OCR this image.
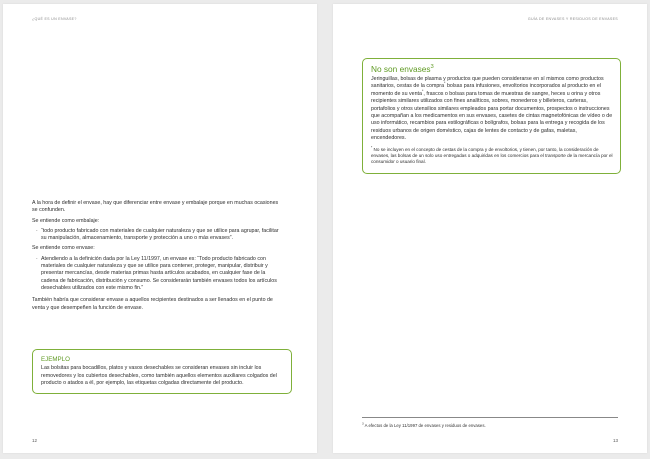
¿QUÉ ES UN ENVASE?

A la hora de definir el envase, hay que diferenciar entre envase y embalaje porque en muchas ocasiones se confunden.

Se entiende como embalaje:

· “todo producto fabricado con materiales de cualquier naturaleza y que se utilice para agrupar, facilitar su manipulación, almacenamiento, transporte y protección a uno o más envases”.

Se entiende como envase:

· Atendiendo a la definición dada por la Ley 11/1997, un envase es: “Todo producto fabricado con materiales de cualquier naturaleza y que se utilice para contener, proteger, manipular, distribuir y presentar mercancías, desde materias primas hasta artículos acabados, en cualquier fase de la cadena de fabricación, distribución y consumo. Se considerarán también envases todos los artículos desechables utilizados con este mismo fin.”

También habría que considerar envase a aquellos recipientes destinados a ser llenados en el punto de venta y que desempeñen la función de envase.

EJEMPLO
Las bolsitas para bocadillos, platos y vasos desechables se consideran envases sin incluir los removedores y los cubiertos desechables, como también aquellos elementos auxiliares colgados del producto o atados a él, por ejemplo, las etiquetas colgadas directamente del producto.
12
GUÍA DE ENVASES Y RESIDUOS DE ENVASES
No son envases$^3$
Jeringuillas, bolsas de plasma y productos que pueden considerarse en sí mismos como productos sanitarios, cestas de la compra* bolsas para infusiones, envoltorios incorporados al producto en el momento de su venta*, frascos o bolsas para tomas de muestras de sangre, heces u orina y otros recipientes similares utilizados con fines analíticos, sobres, monederos y billeteros, carteras, portafolios y otros utensilios similares empleados para portar documentos, prospectos o instrucciones que acompañan a los medicamentos en sus envases, casetes de cintas magnetofónicas de vídeo o de uso informático, recambios para estilográficas o bolígrafos, bolsas para la entrega y recogida de los residuos urbanos de origen doméstico, cajas de lentes de contacto y de gafas, maletas, encendedores.
* No se incluyen en el concepto de cestas de la compra y de envoltorios, y tienen, por tanto, la consideración de envases, las bolsas de un solo uso entregadas o adquiridas en los comercios para el transporte de la mercancía por el consumidor o usuario final.
$^3$ A efectos de la Ley 11/1997 de envases y residuos de envases.
13
